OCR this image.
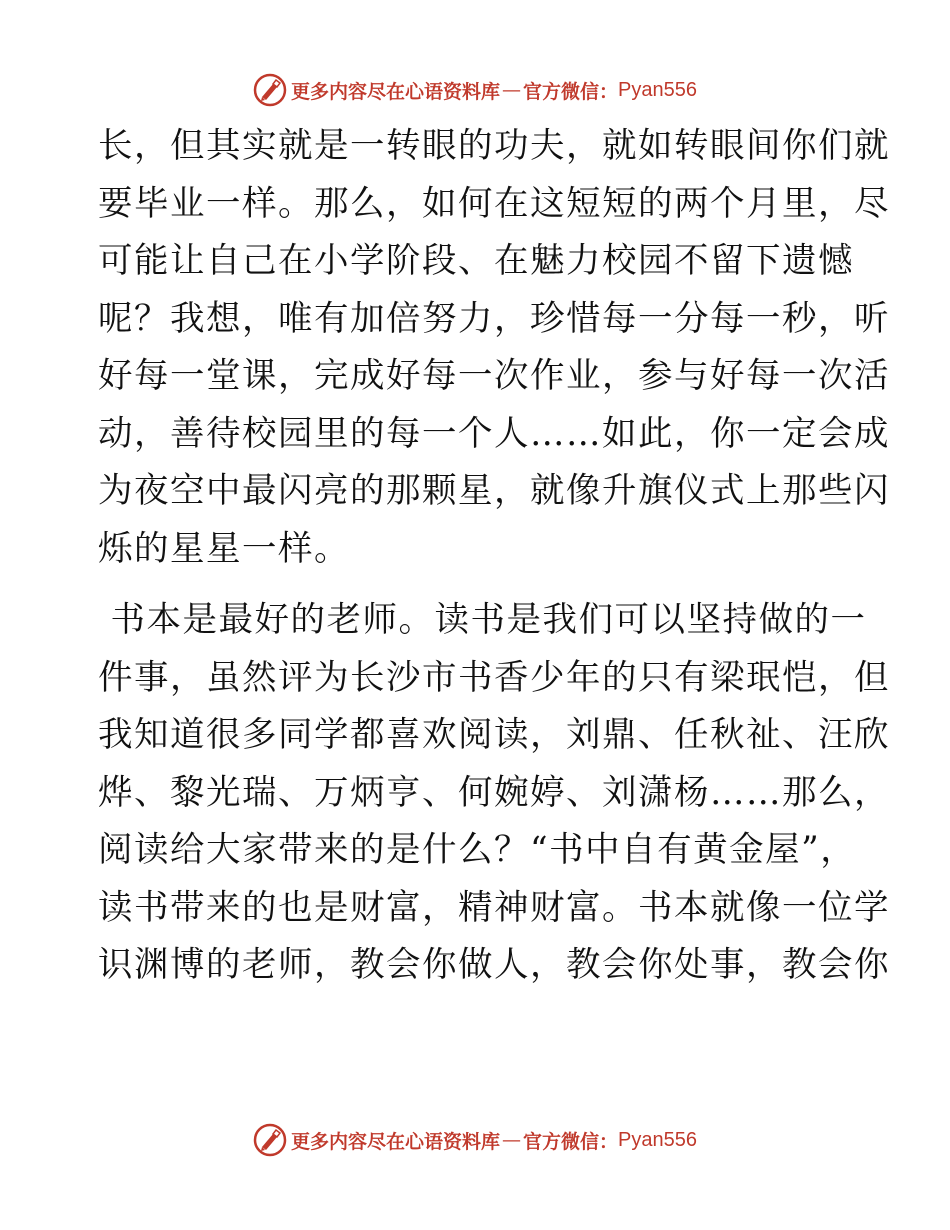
更多内容尽在心语资料库 — 官方微信： Pyan556
长，但其实就是一转眼的功夫，就如转眼间你们就
要毕业一样。那么，如何在这短短的两个月里，尽
可能让自己在小学阶段、在魅力校园不留下遗憾
呢？我想，唯有加倍努力，珍惜每一分每一秒，听
好每一堂课，完成好每一次作业，参与好每一次活
动，善待校园里的每一个人……如此，你一定会成
为夜空中最闪亮的那颗星，就像升旗仪式上那些闪
烁的星星一样。
书本是最好的老师。读书是我们可以坚持做的一
件事，虽然评为长沙市书香少年的只有梁珉恺，但
我知道很多同学都喜欢阅读，刘鼎、任秋祉、汪欣
烨、黎光瑞、万炳亨、何婉婷、刘潇杨……那么，
阅读给大家带来的是什么？“书中自有黄金屋”，
读书带来的也是财富，精神财富。书本就像一位学
识渊博的老师，教会你做人，教会你处事，教会你
更多内容尽在心语资料库 — 官方微信： Pyan556
